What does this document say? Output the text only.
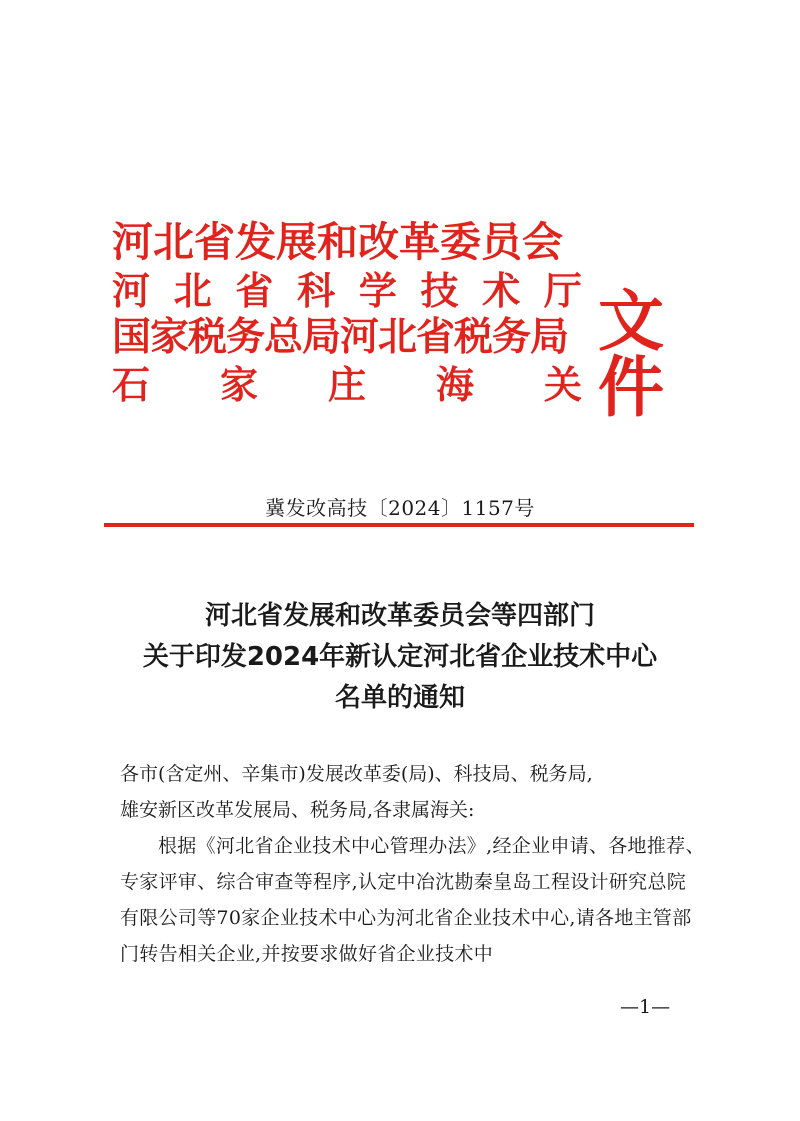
河北省发展和改革委员会
河 北 省 科 学 技 术 厅
国家税务总局河北省税务局
石 家 庄 海 关
文件
冀发改高技〔2024〕1157号
河北省发展和改革委员会等四部门
关于印发2024年新认定河北省企业技术中心
名单的通知

各市(含定州、辛集市)发展改革委(局)、科技局、税务局,

雄安新区改革发展局、税务局,各隶属海关:

根据《河北省企业技术中心管理办法》,经企业申请、各地推荐、专家评审、综合审查等程序,认定中冶沈勘秦皇岛工程设计研究总院有限公司等70家企业技术中心为河北省企业技术中心,请各地主管部门转告相关企业,并按要求做好省企业技术中

—1—
